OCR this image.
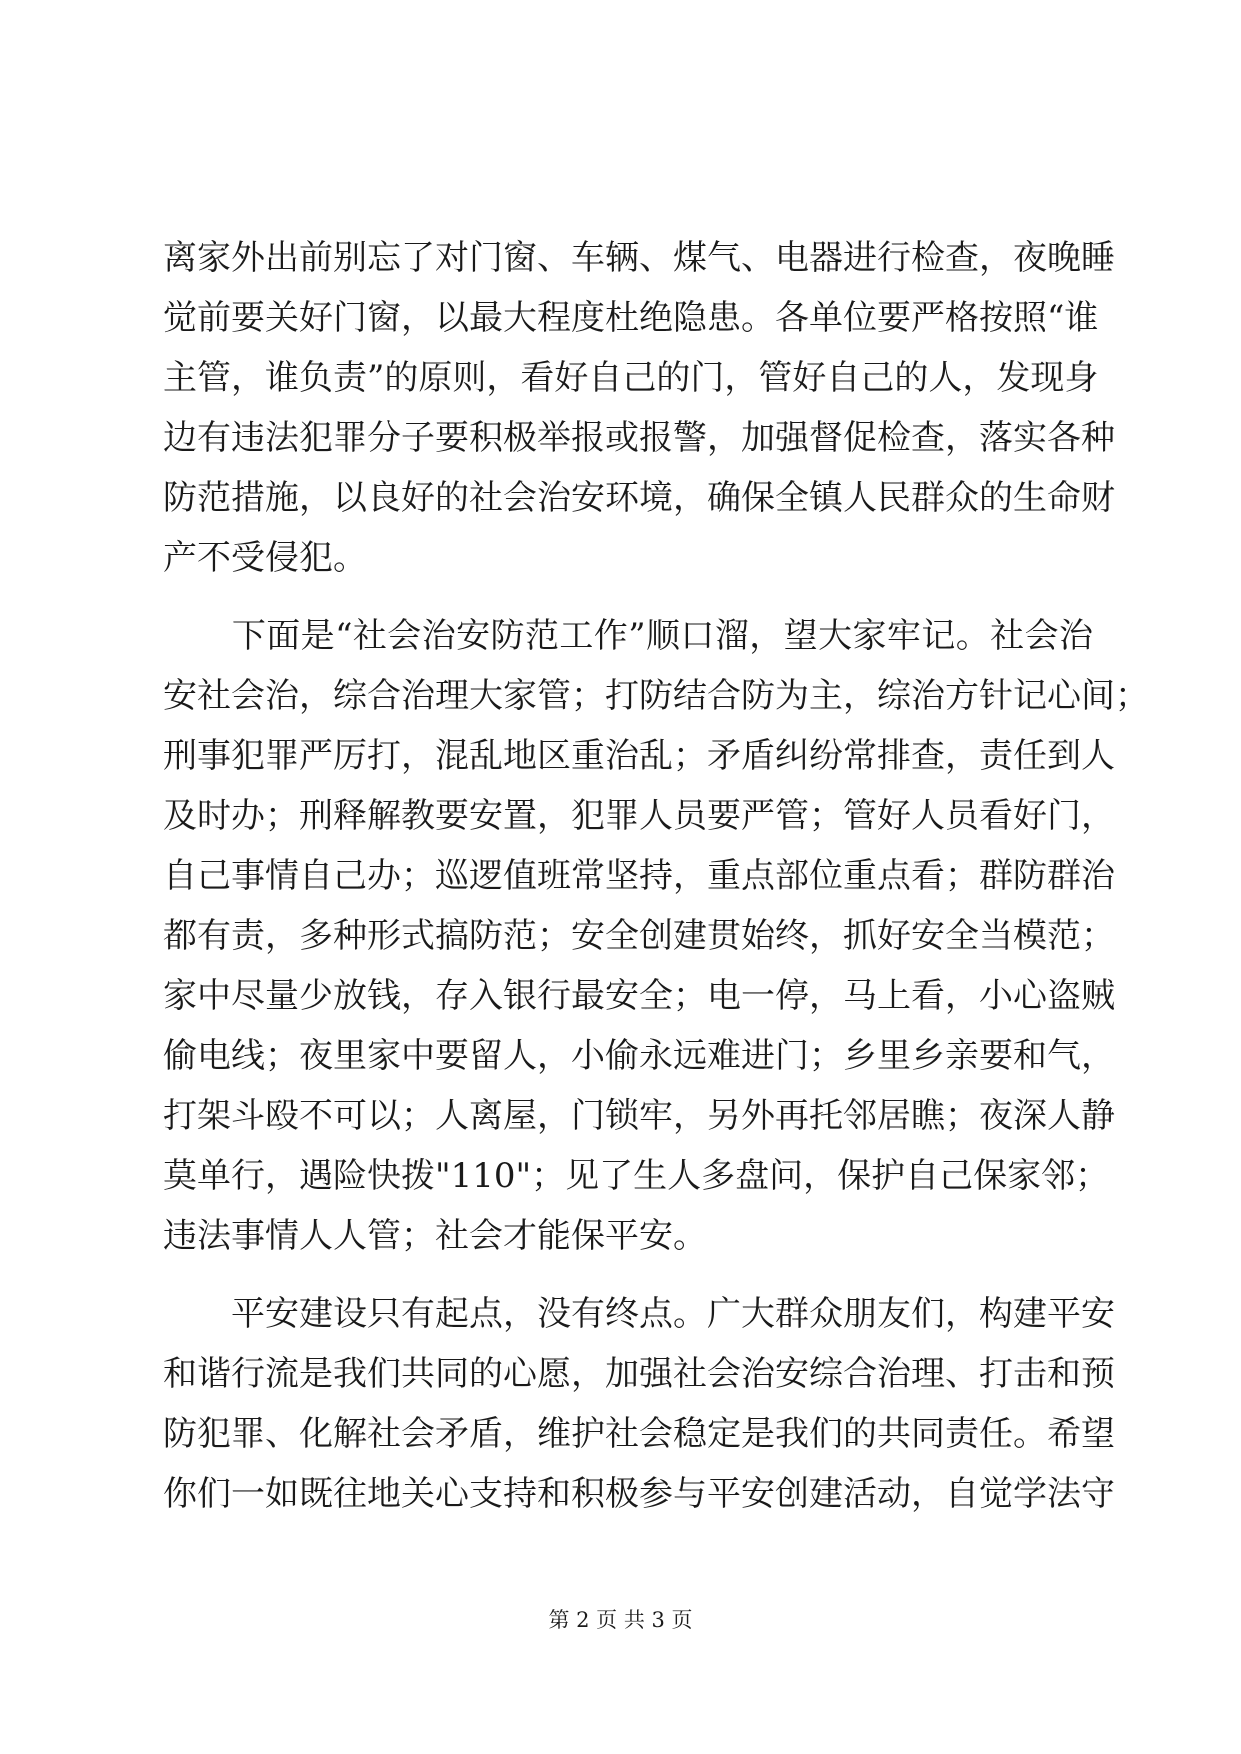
离家外出前别忘了对门窗、车辆、煤气、电器进行检查，夜晚睡
觉前要关好门窗，以最大程度杜绝隐患。各单位要严格按照“谁
主管，谁负责”的原则，看好自己的门，管好自己的人，发现身
边有违法犯罪分子要积极举报或报警，加强督促检查，落实各种
防范措施，以良好的社会治安环境，确保全镇人民群众的生命财
产不受侵犯。
　　下面是“社会治安防范工作”顺口溜，望大家牢记。社会治
安社会治，综合治理大家管；打防结合防为主，综治方针记心间；
刑事犯罪严厉打，混乱地区重治乱；矛盾纠纷常排查，责任到人
及时办；刑释解教要安置，犯罪人员要严管；管好人员看好门，
自己事情自己办；巡逻值班常坚持，重点部位重点看；群防群治
都有责，多种形式搞防范；安全创建贯始终，抓好安全当模范；
家中尽量少放钱，存入银行最安全；电一停，马上看，小心盗贼
偷电线；夜里家中要留人，小偷永远难进门；乡里乡亲要和气，
打架斗殴不可以；人离屋，门锁牢，另外再托邻居瞧；夜深人静
莫单行，遇险快拨"110"；见了生人多盘问，保护自己保家邻；
违法事情人人管；社会才能保平安。
　　平安建设只有起点，没有终点。广大群众朋友们，构建平安
和谐行流是我们共同的心愿，加强社会治安综合治理、打击和预
防犯罪、化解社会矛盾，维护社会稳定是我们的共同责任。希望
你们一如既往地关心支持和积极参与平安创建活动，自觉学法守
第 2 页 共 3 页
